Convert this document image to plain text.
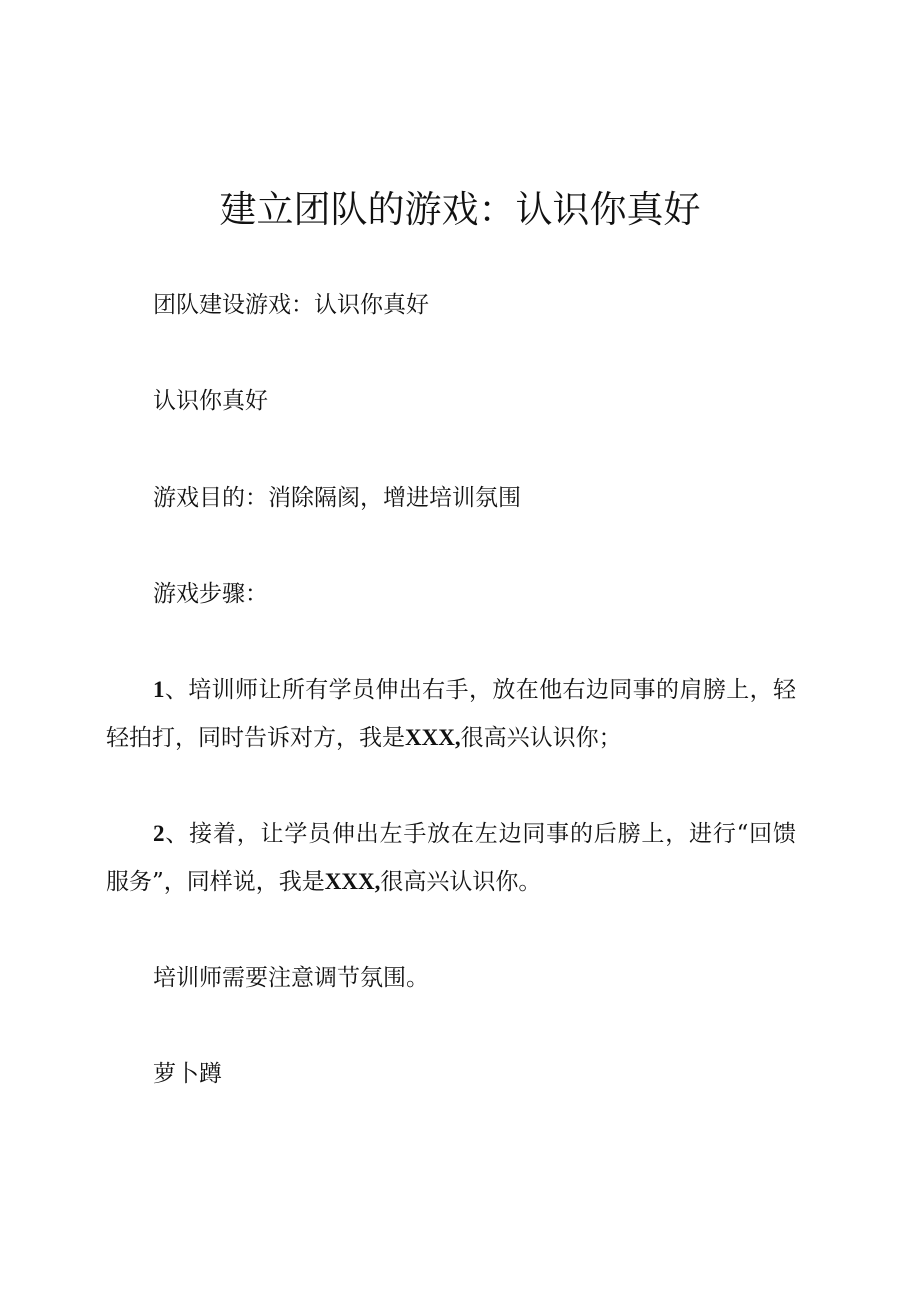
建立团队的游戏：认识你真好

团队建设游戏：认识你真好

认识你真好

游戏目的：消除隔阂，增进培训氛围

游戏步骤：

1、培训师让所有学员伸出右手，放在他右边同事的肩膀上，轻轻拍打，同时告诉对方，我是XXX,很高兴认识你；

2、接着，让学员伸出左手放在左边同事的后膀上，进行“回馈服务”，同样说，我是XXX,很高兴认识你。

培训师需要注意调节氛围。

萝卜蹲
